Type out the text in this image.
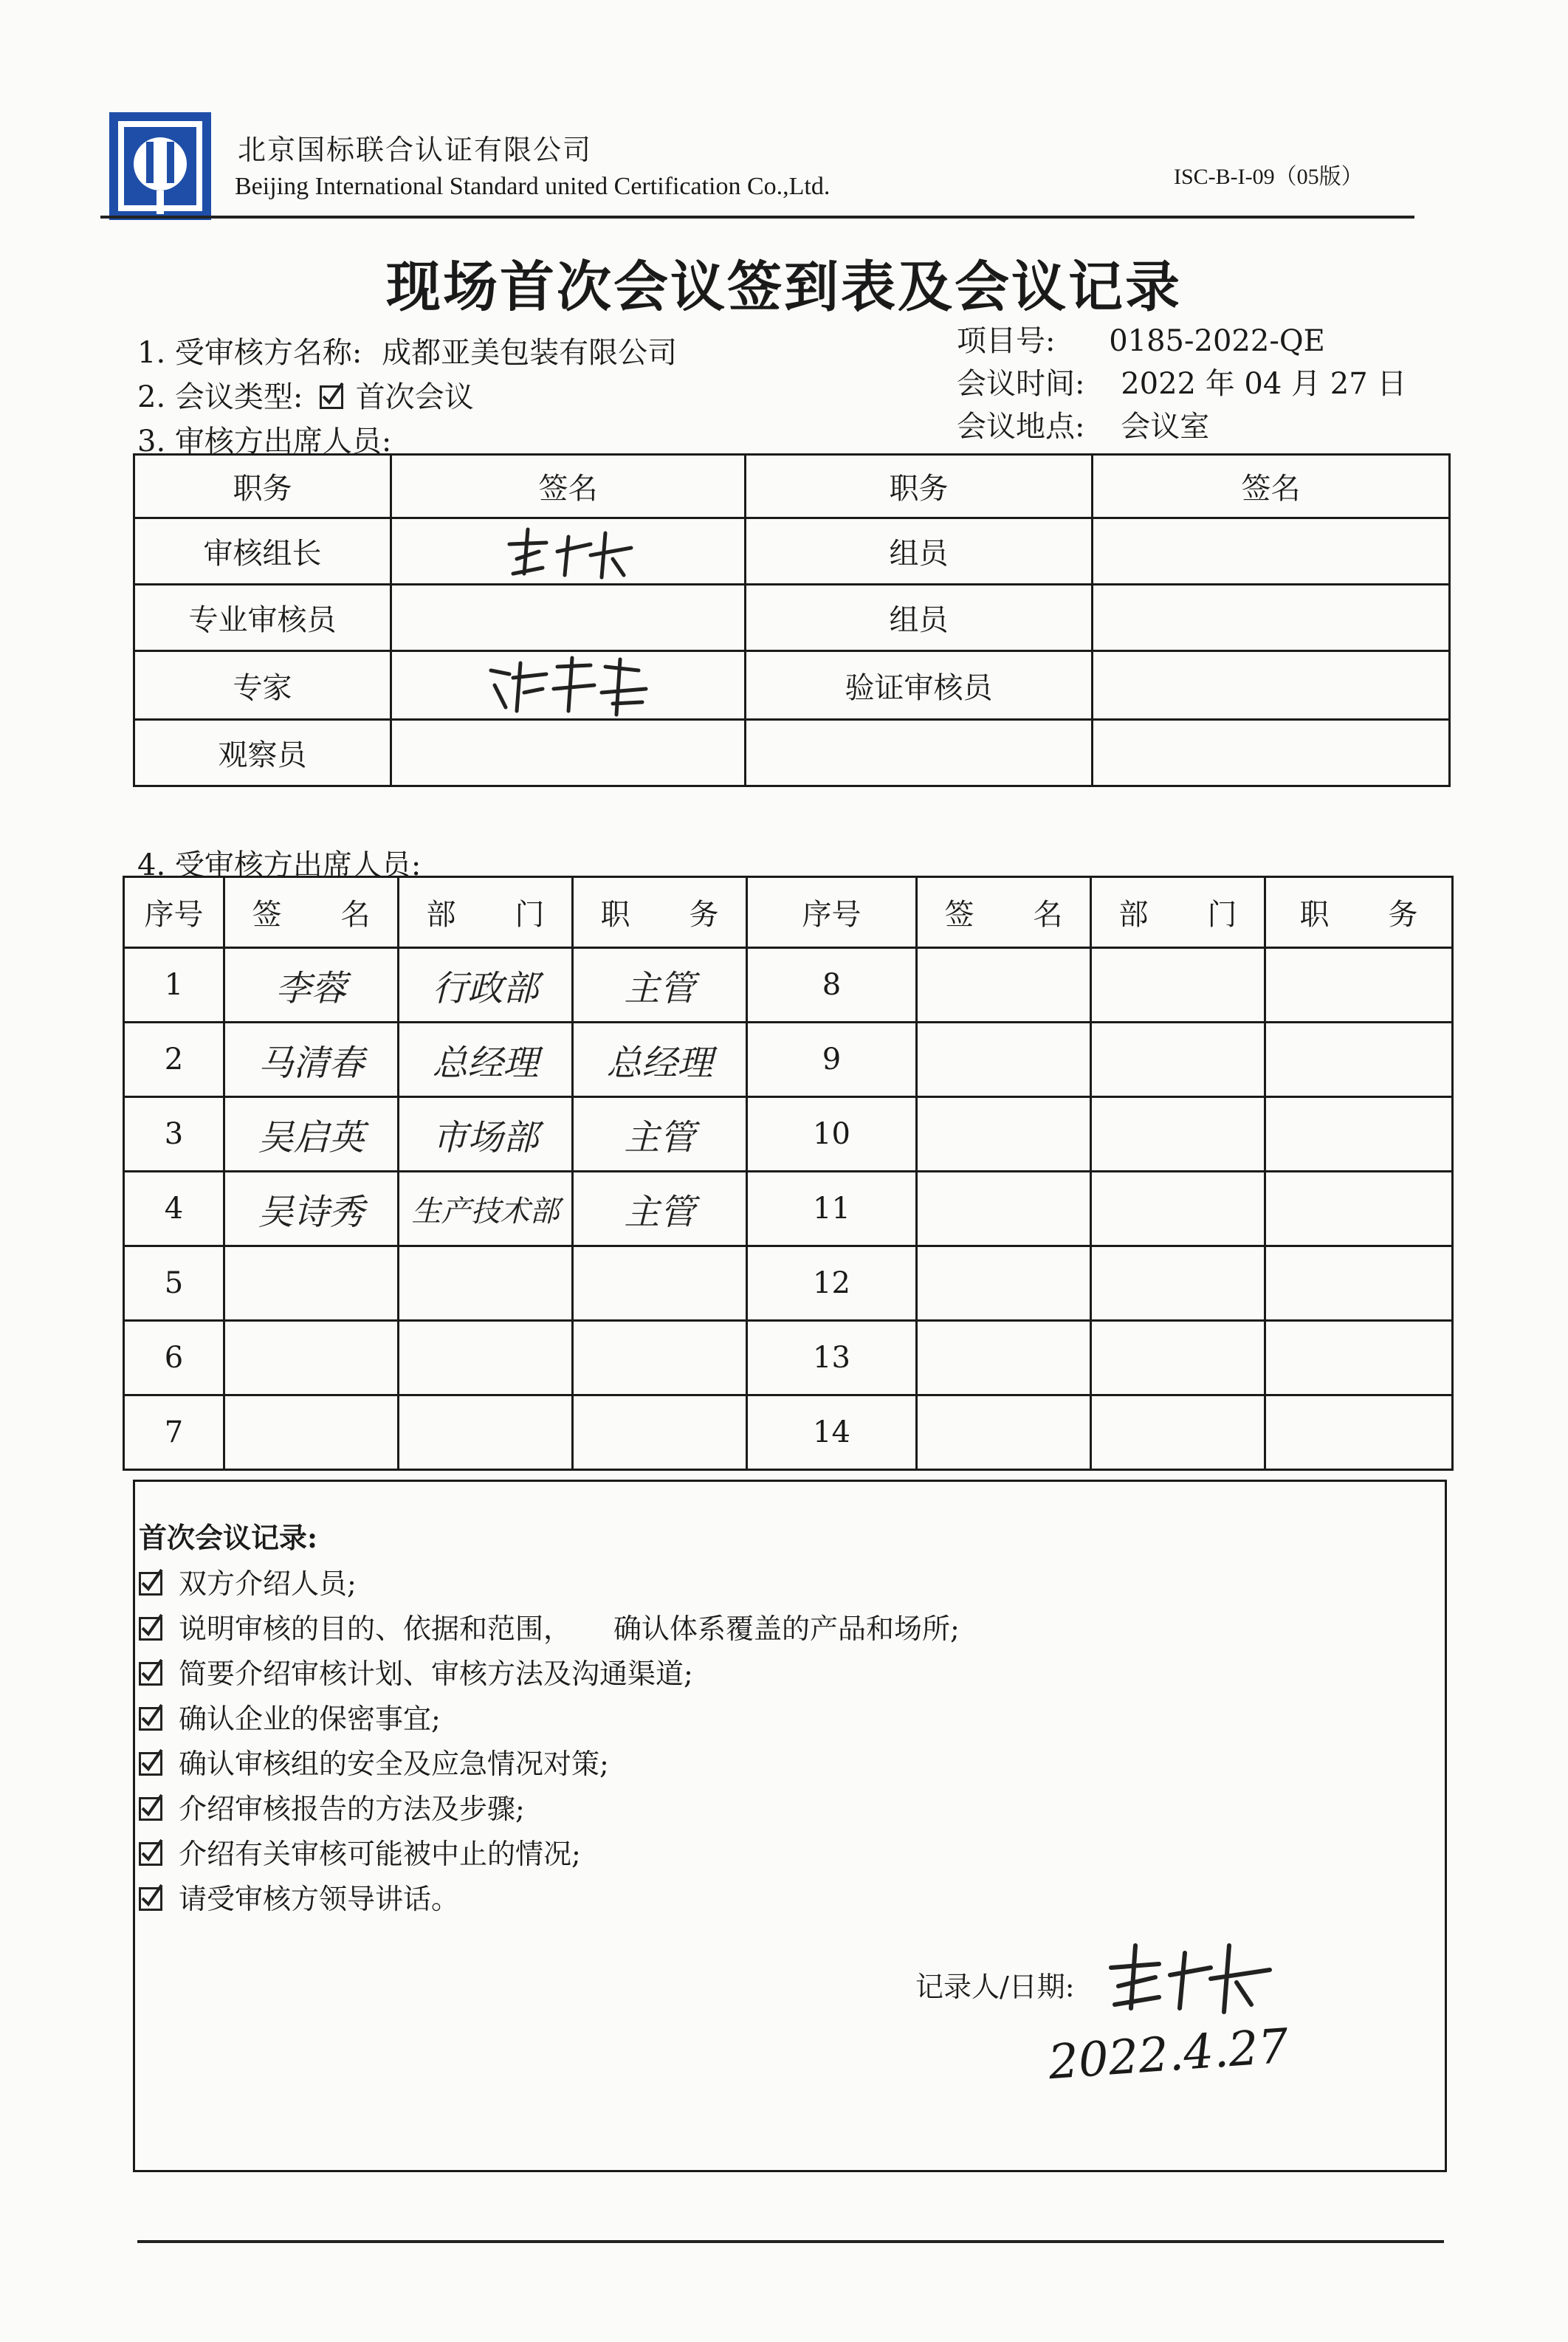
北京国标联合认证有限公司
Beijing International Standard united Certification Co.,Ltd.	ISC-B-I-09（05版）
现场首次会议签到表及会议记录
1. 受审核方名称: 成都亚美包装有限公司
2. 会议类型: 首次会议
3. 审核方出席人员:
项目号: 0185-2022-QE
会议时间: 2022 年 04 月 27 日
会议地点: 会议室
职务	签名	职务	签名
审核组长		组员	
专业审核员		组员	
专家		验证审核员	
观察员			
4. 受审核方出席人员:
序号	签　　名	部　　门	职　　务	序号	签　　名	部　　门	职　　务
1	李蓉	行政部	主管	8			
2	马清春	总经理	总经理	9			
3	吴启英	市场部	主管	10			
4	吴诗秀	生产技术部	主管	11			
5				12			
6				13			
7				14			
首次会议记录:
双方介绍人员;
说明审核的目的、依据和范围，　　确认体系覆盖的产品和场所;
简要介绍审核计划、审核方法及沟通渠道;
确认企业的保密事宜;
确认审核组的安全及应急情况对策;
介绍审核报告的方法及步骤;
介绍有关审核可能被中止的情况;
请受审核方领导讲话。
记录人/日期:
2022.4.27
